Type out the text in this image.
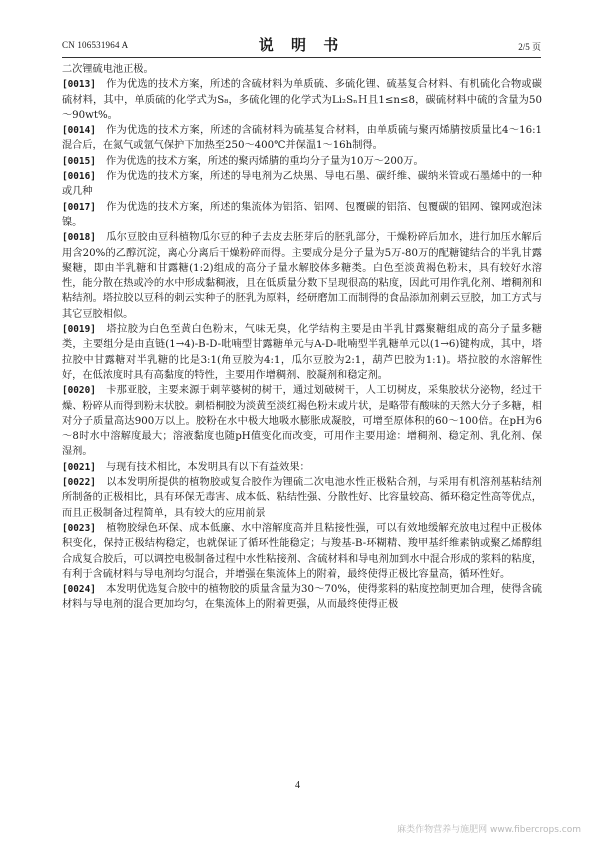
CN 106531964 A	说 明 书	2/5 页

二次锂硫电池正极。

[0013] 作为优选的技术方案，所述的含硫材料为单质硫、多硫化锂、硫基复合材料、有机硫化合物或碳硫材料，其中，单质硫的化学式为S₈，多硫化锂的化学式为Li₂SₙＨ且1≤n≤8，碳硫材料中硫的含量为50～90wt%。

[0014] 作为优选的技术方案，所述的含硫材料为硫基复合材料，由单质硫与聚丙烯腈按质量比4～16:1混合后，在氮气或氩气保护下加热至250～400℃并保温1～16h制得。

[0015] 作为优选的技术方案，所述的聚丙烯腈的重均分子量为10万～200万。

[0016] 作为优选的技术方案，所述的导电剂为乙炔黑、导电石墨、碳纤维、碳纳米管或石墨烯中的一种或几种

[0017] 作为优选的技术方案，所述的集流体为铝箔、铝网、包覆碳的铝箔、包覆碳的铝网、镍网或泡沫镍。

[0018] 瓜尔豆胶由豆科植物瓜尔豆的种子去皮去胚芽后的胚乳部分，干燥粉碎后加水，进行加压水解后用含20%的乙醇沉淀，离心分离后干燥粉碎而得。主要成分是分子量为5万-80万的配糖键结合的半乳甘露聚糖，即由半乳糖和甘露糖(1:2)组成的高分子量水解胶体多糖类。白色至淡黄褐色粉末，具有较好水溶性，能分散在热或冷的水中形成黏稠液，且在低质量分数下呈现很高的粘度，因此可用作乳化剂、增稠剂和粘结剂。塔拉胶以豆科的刺云实种子的胚乳为原料，经研磨加工而制得的食品添加剂刺云豆胶，加工方式与其它豆胶相似。

[0019] 塔拉胶为白色至黄白色粉末，气味无臭，化学结构主要是由半乳甘露聚糖组成的高分子量多糖类，主要组分是由直链(1→4)-B-D-吡喃型甘露糖单元与A-D-吡喃型半乳糖单元以(1→6)键构成，其中，塔拉胶中甘露糖对半乳糖的比是3:1(角豆胶为4:1，瓜尔豆胶为2:1，葫芦巴胶为1:1)。塔拉胶的水溶解性好，在低浓度时具有高黏度的特性，主要用作增稠剂、胶凝剂和稳定剂。

[0020] 卡那亚胶，主要来源于刺苹婆树的树干，通过划破树干，人工切树皮，采集胶状分泌物，经过干燥、粉碎从而得到粉末状胶。刺梧桐胶为淡黄至淡红褐色粉末或片状，是略带有酸味的天然大分子多糖，相对分子质量高达900万以上。胶粉在水中极大地吸水膨胀成凝胶，可增至原体积的60～100倍。在pH为6～8时水中溶解度最大；溶液黏度也随pH值变化而改变，可用作主要用途：增稠剂、稳定剂、乳化剂、保湿剂。

[0021] 与现有技术相比，本发明具有以下有益效果：

[0022] 以本发明所提供的植物胶或复合胶作为锂硫二次电池水性正极粘合剂，与采用有机溶剂基粘结剂所制备的正极相比，具有环保无毒害、成本低、粘结性强、分散性好、比容量较高、循环稳定性高等优点，而且正极制备过程简单，具有较大的应用前景

[0023] 植物胶绿色环保、成本低廉、水中溶解度高并且粘接性强，可以有效地缓解充放电过程中正极体积变化，保持正极结构稳定，也就保证了循环性能稳定；与羧基-B-环糊精、羧甲基纤维素钠或聚乙烯醇组合成复合胶后，可以调控电极制备过程中水性粘接剂、含硫材料和导电剂加到水中混合形成的浆料的粘度，有利于含硫材料与导电剂均匀混合，并增强在集流体上的附着，最终使得正极比容量高，循环性好。

[0024] 本发明优选复合胶中的植物胶的质量含量为30～70%，使得浆料的粘度控制更加合理，使得含硫材料与导电剂的混合更加均匀，在集流体上的附着更强，从而最终使得正极

4
麻类作物营养与施肥网 www.fibercrops.com
